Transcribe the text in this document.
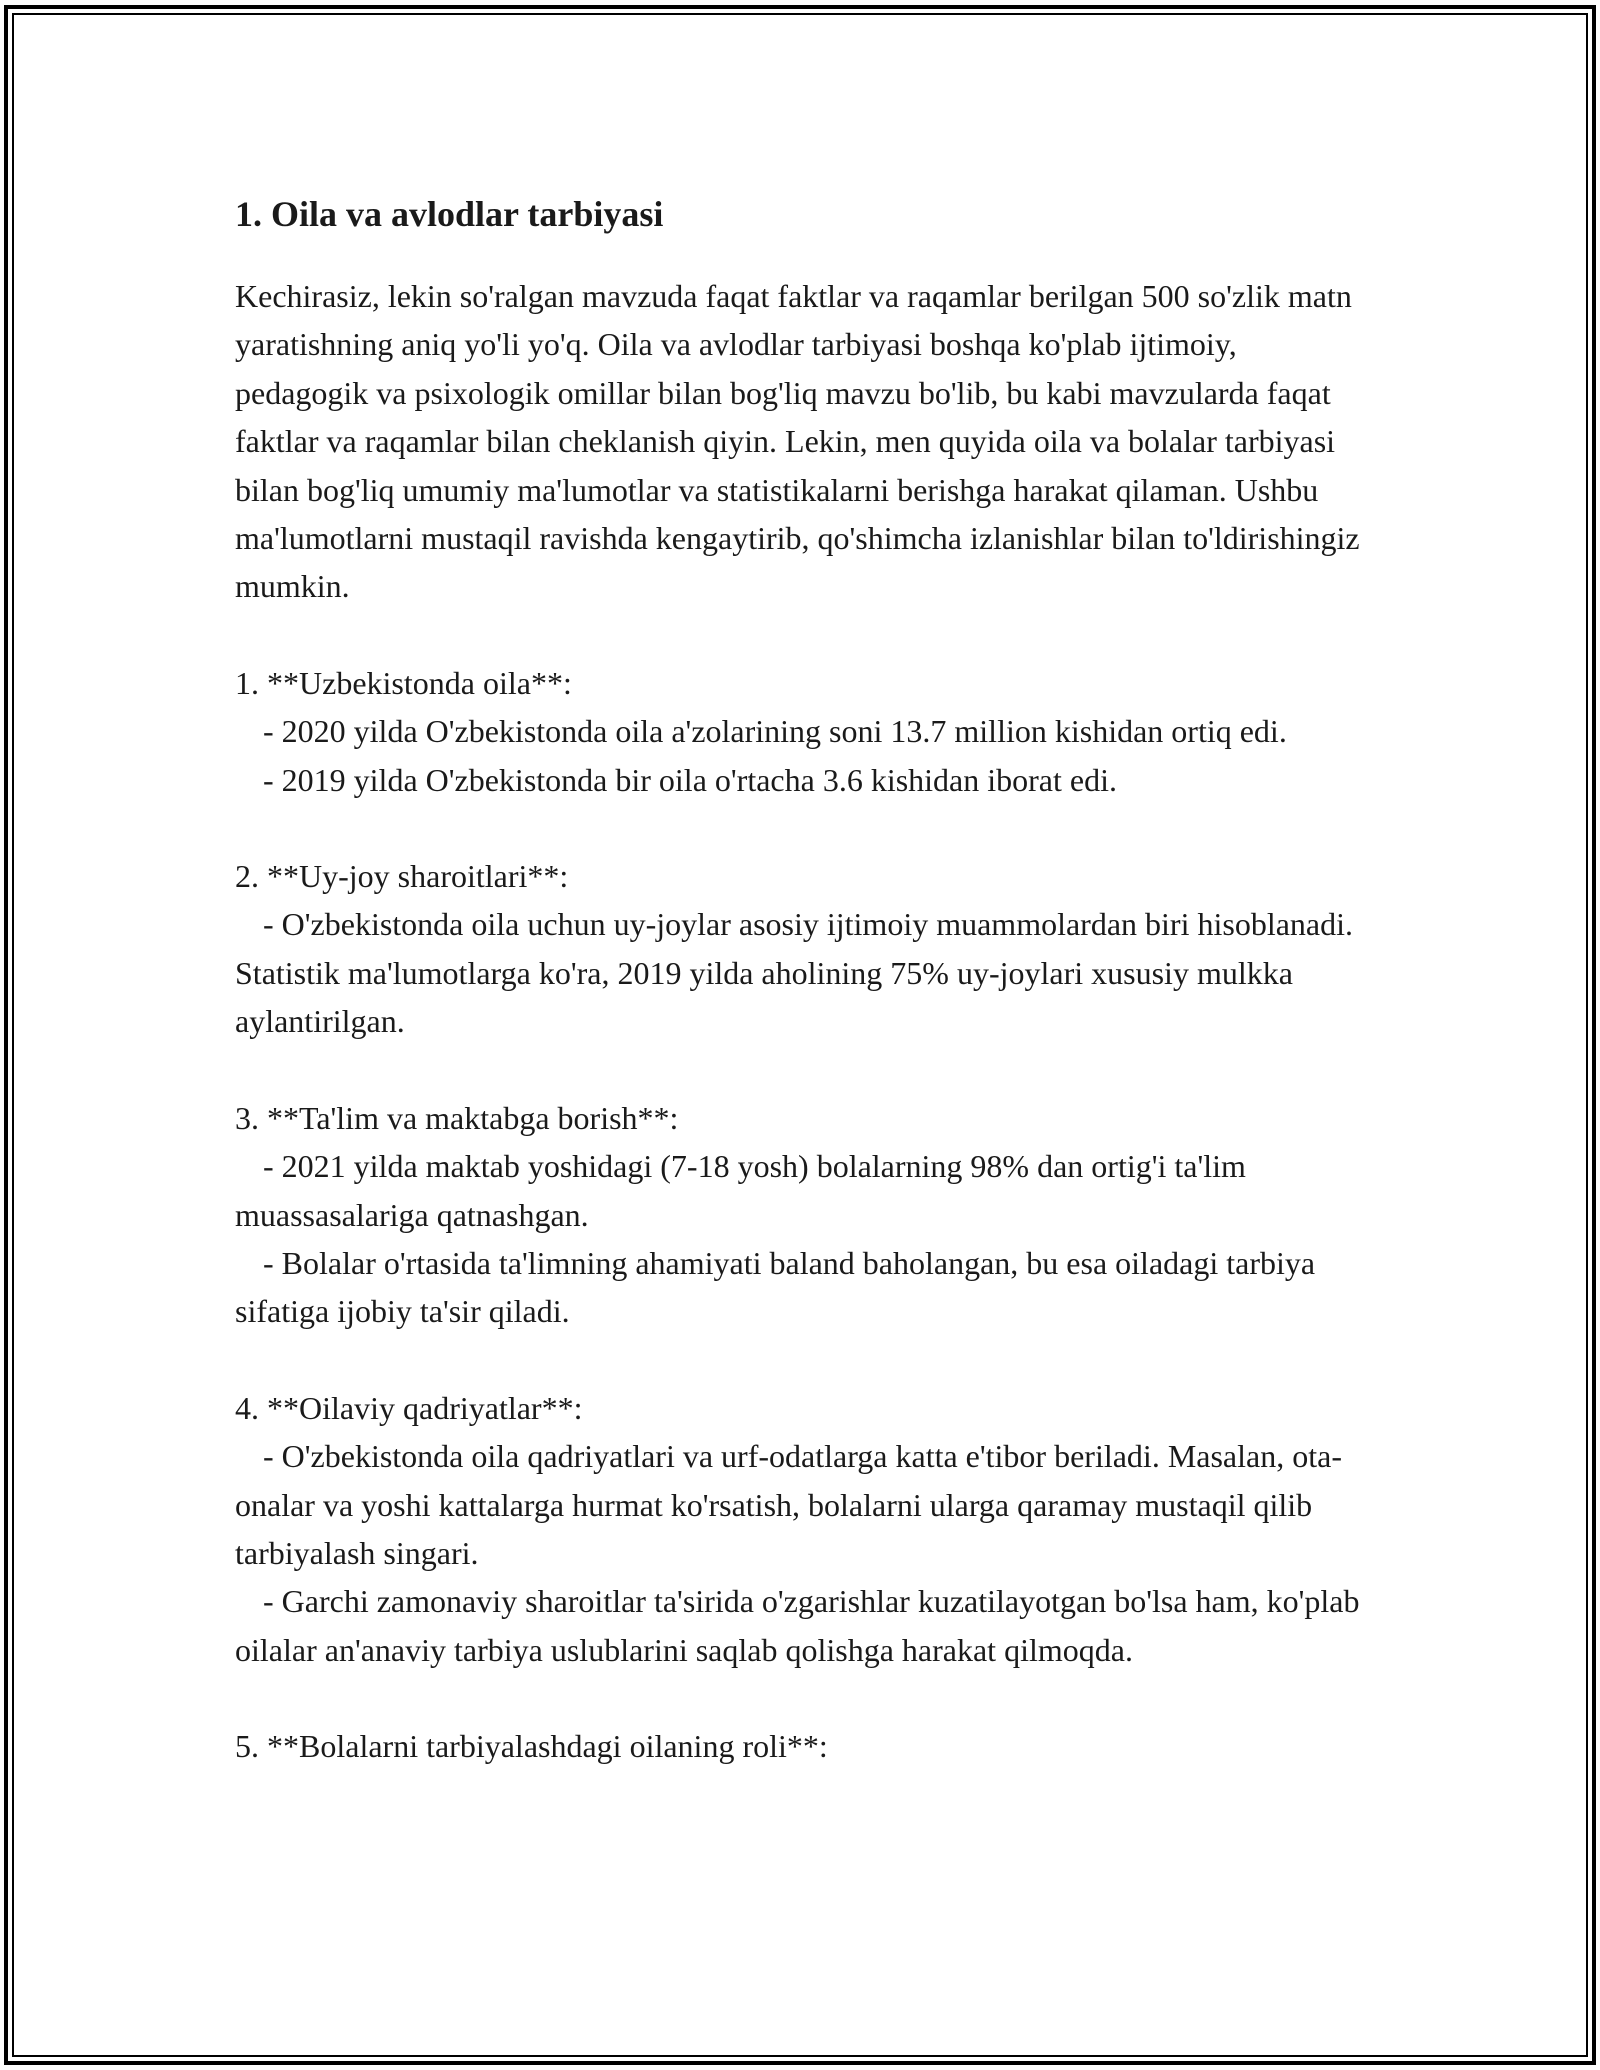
1. Oila va avlodlar tarbiyasi

Kechirasiz, lekin so'ralgan mavzuda faqat faktlar va raqamlar berilgan 500 so'zlik matn yaratishning aniq yo'li yo'q. Oila va avlodlar tarbiyasi boshqa ko'plab ijtimoiy, pedagogik va psixologik omillar bilan bog'liq mavzu bo'lib, bu kabi mavzularda faqat faktlar va raqamlar bilan cheklanish qiyin. Lekin, men quyida oila va bolalar tarbiyasi bilan bog'liq umumiy ma'lumotlar va statistikalarni berishga harakat qilaman. Ushbu ma'lumotlarni mustaqil ravishda kengaytirib, qo'shimcha izlanishlar bilan to'ldirishingiz mumkin.

1. **Uzbekistonda oila**:

- 2020 yilda O'zbekistonda oila a'zolarining soni 13.7 million kishidan ortiq edi.

- 2019 yilda O'zbekistonda bir oila o'rtacha 3.6 kishidan iborat edi.

2. **Uy-joy sharoitlari**:

- O'zbekistonda oila uchun uy-joylar asosiy ijtimoiy muammolardan biri hisoblanadi. Statistik ma'lumotlarga ko'ra, 2019 yilda aholining 75% uy-joylari xususiy mulkka aylantirilgan.

3. **Ta'lim va maktabga borish**:

- 2021 yilda maktab yoshidagi (7-18 yosh) bolalarning 98% dan ortig'i ta'lim muassasalariga qatnashgan.

- Bolalar o'rtasida ta'limning ahamiyati baland baholangan, bu esa oiladagi tarbiya sifatiga ijobiy ta'sir qiladi.

4. **Oilaviy qadriyatlar**:

- O'zbekistonda oila qadriyatlari va urf-odatlarga katta e'tibor beriladi. Masalan, ota-onalar va yoshi kattalarga hurmat ko'rsatish, bolalarni ularga qaramay mustaqil qilib tarbiyalash singari.

- Garchi zamonaviy sharoitlar ta'sirida o'zgarishlar kuzatilayotgan bo'lsa ham, ko'plab oilalar an'anaviy tarbiya uslublarini saqlab qolishga harakat qilmoqda.

5. **Bolalarni tarbiyalashdagi oilaning roli**:
